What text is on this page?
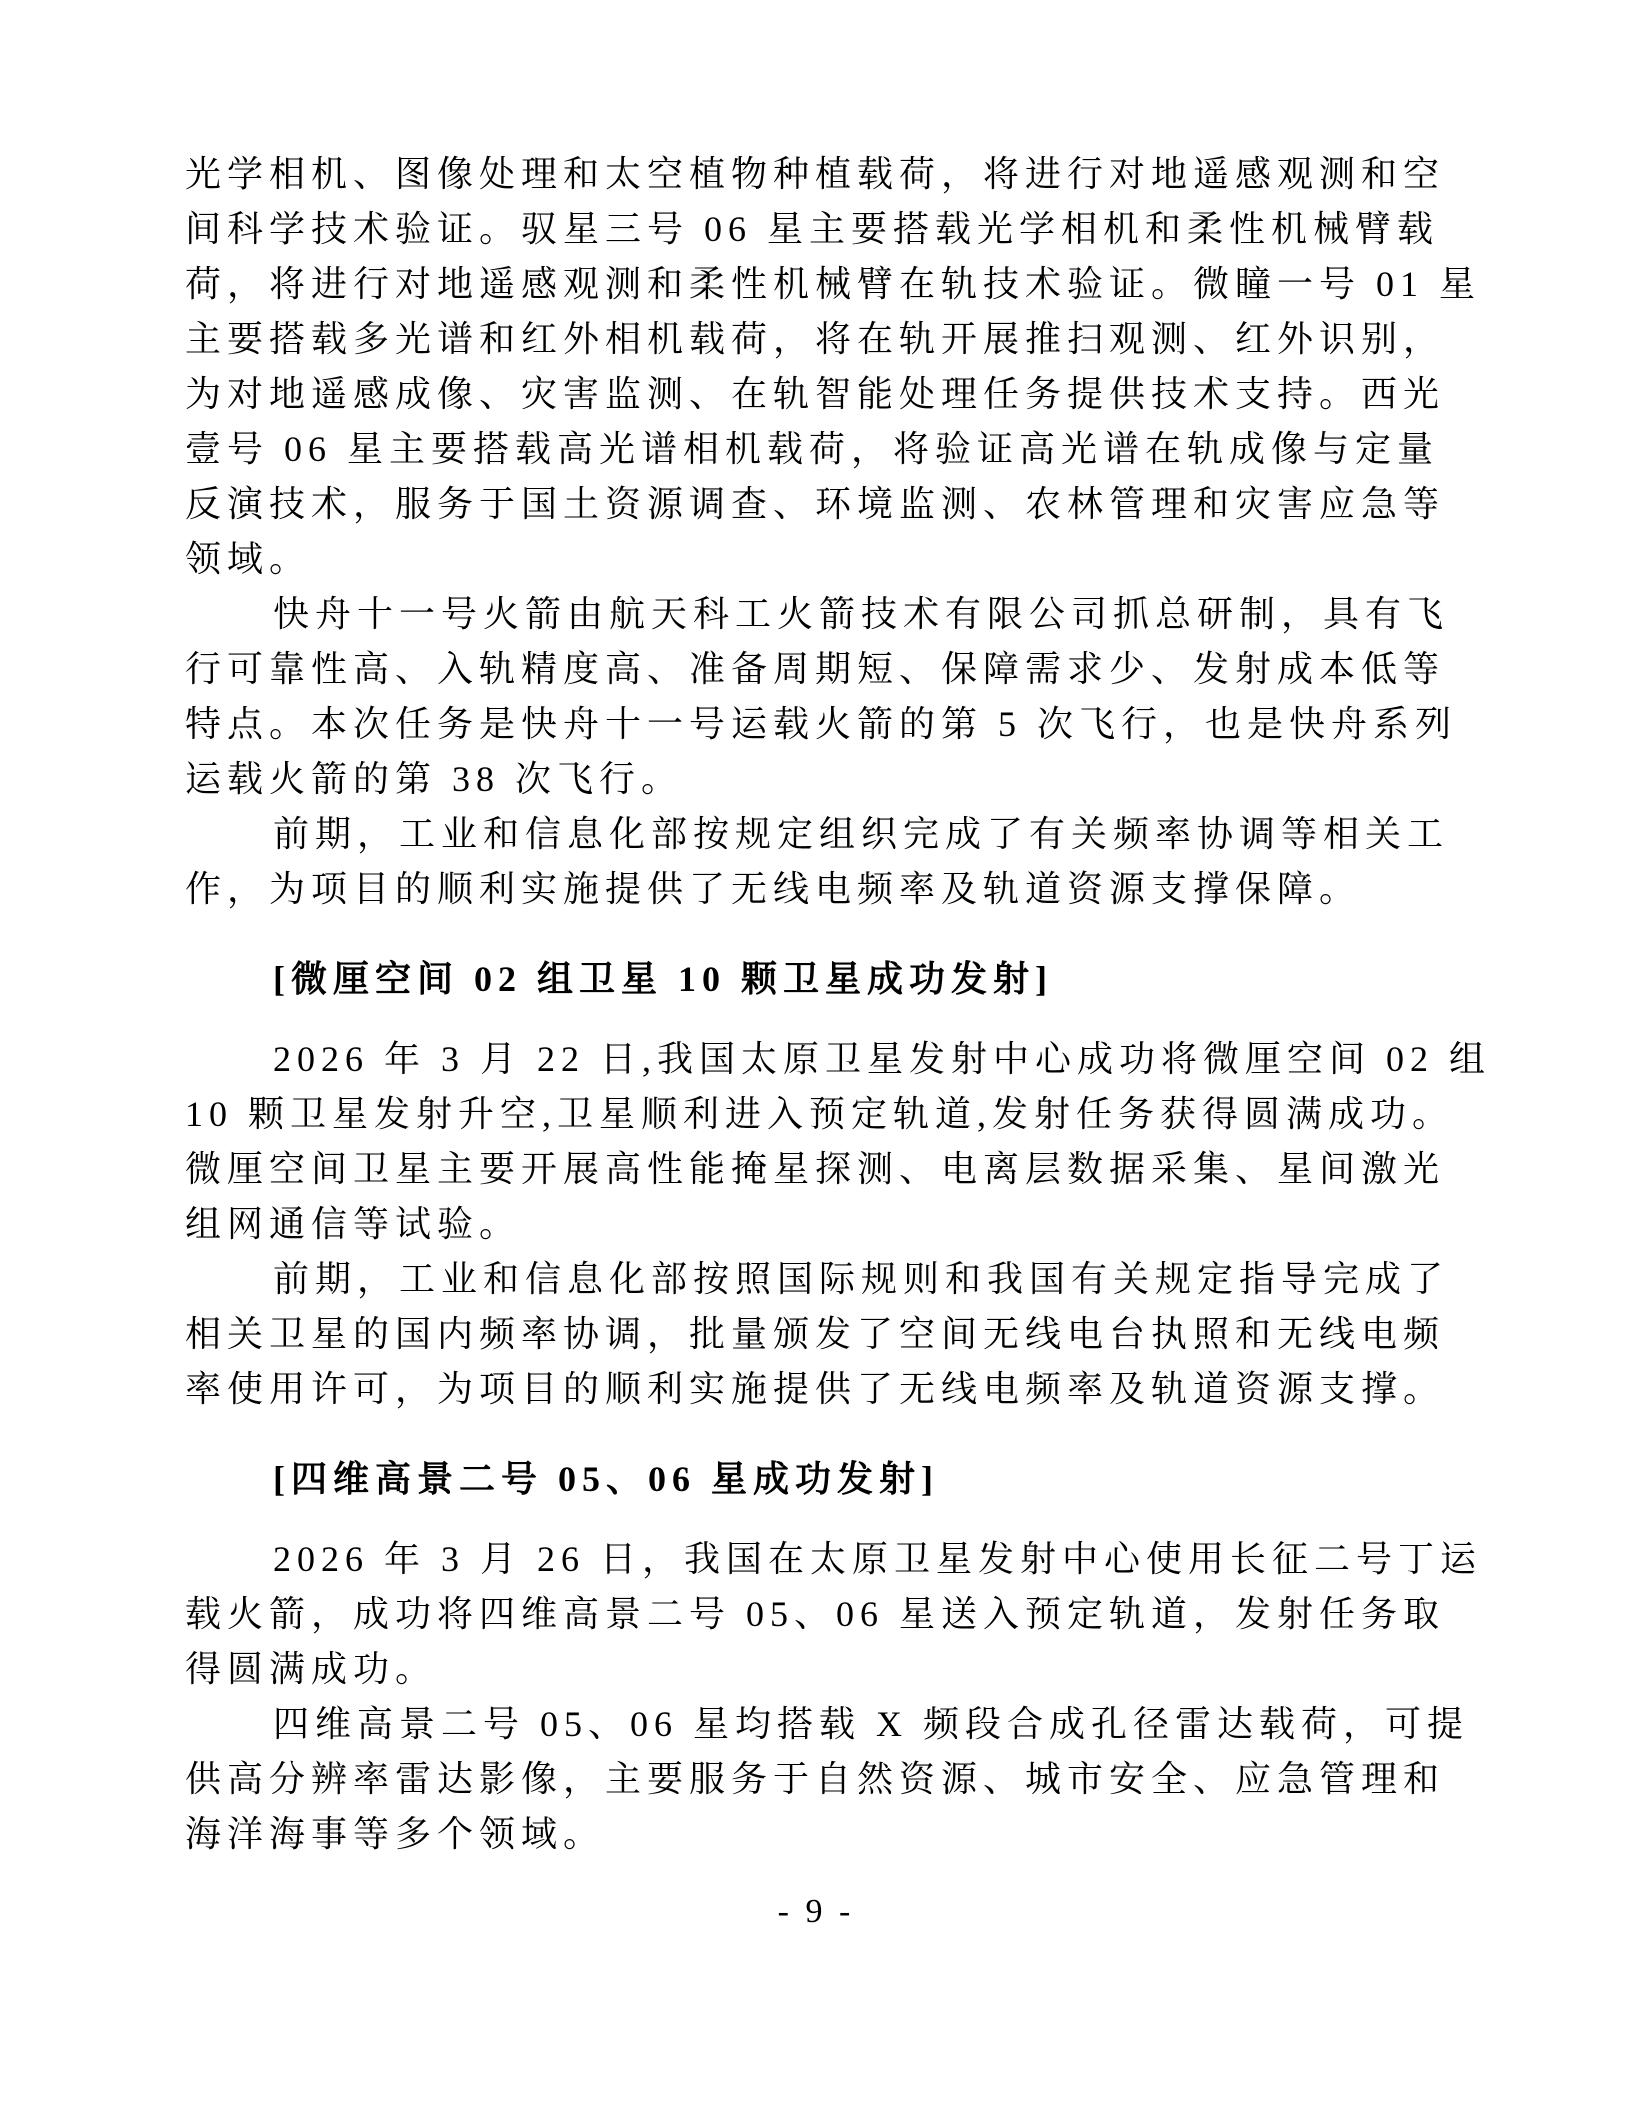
光学相机、图像处理和太空植物种植载荷，将进行对地遥感观测和空
间科学技术验证。驭星三号 06 星主要搭载光学相机和柔性机械臂载
荷，将进行对地遥感观测和柔性机械臂在轨技术验证。微瞳一号 01 星
主要搭载多光谱和红外相机载荷，将在轨开展推扫观测、红外识别，
为对地遥感成像、灾害监测、在轨智能处理任务提供技术支持。西光
壹号 06 星主要搭载高光谱相机载荷，将验证高光谱在轨成像与定量
反演技术，服务于国土资源调查、环境监测、农林管理和灾害应急等
领域。
快舟十一号火箭由航天科工火箭技术有限公司抓总研制，具有飞
行可靠性高、入轨精度高、准备周期短、保障需求少、发射成本低等
特点。本次任务是快舟十一号运载火箭的第 5 次飞行，也是快舟系列
运载火箭的第 38 次飞行。
前期，工业和信息化部按规定组织完成了有关频率协调等相关工
作，为项目的顺利实施提供了无线电频率及轨道资源支撑保障。
[微厘空间 02 组卫星 10 颗卫星成功发射]
2026 年 3 月 22 日,我国太原卫星发射中心成功将微厘空间 02 组
10 颗卫星发射升空,卫星顺利进入预定轨道,发射任务获得圆满成功。
微厘空间卫星主要开展高性能掩星探测、电离层数据采集、星间激光
组网通信等试验。
前期，工业和信息化部按照国际规则和我国有关规定指导完成了
相关卫星的国内频率协调，批量颁发了空间无线电台执照和无线电频
率使用许可，为项目的顺利实施提供了无线电频率及轨道资源支撑。
[四维高景二号 05、06 星成功发射]
2026 年 3 月 26 日，我国在太原卫星发射中心使用长征二号丁运
载火箭，成功将四维高景二号 05、06 星送入预定轨道，发射任务取
得圆满成功。
四维高景二号 05、06 星均搭载 X 频段合成孔径雷达载荷，可提
供高分辨率雷达影像，主要服务于自然资源、城市安全、应急管理和
海洋海事等多个领域。
- 9 -
